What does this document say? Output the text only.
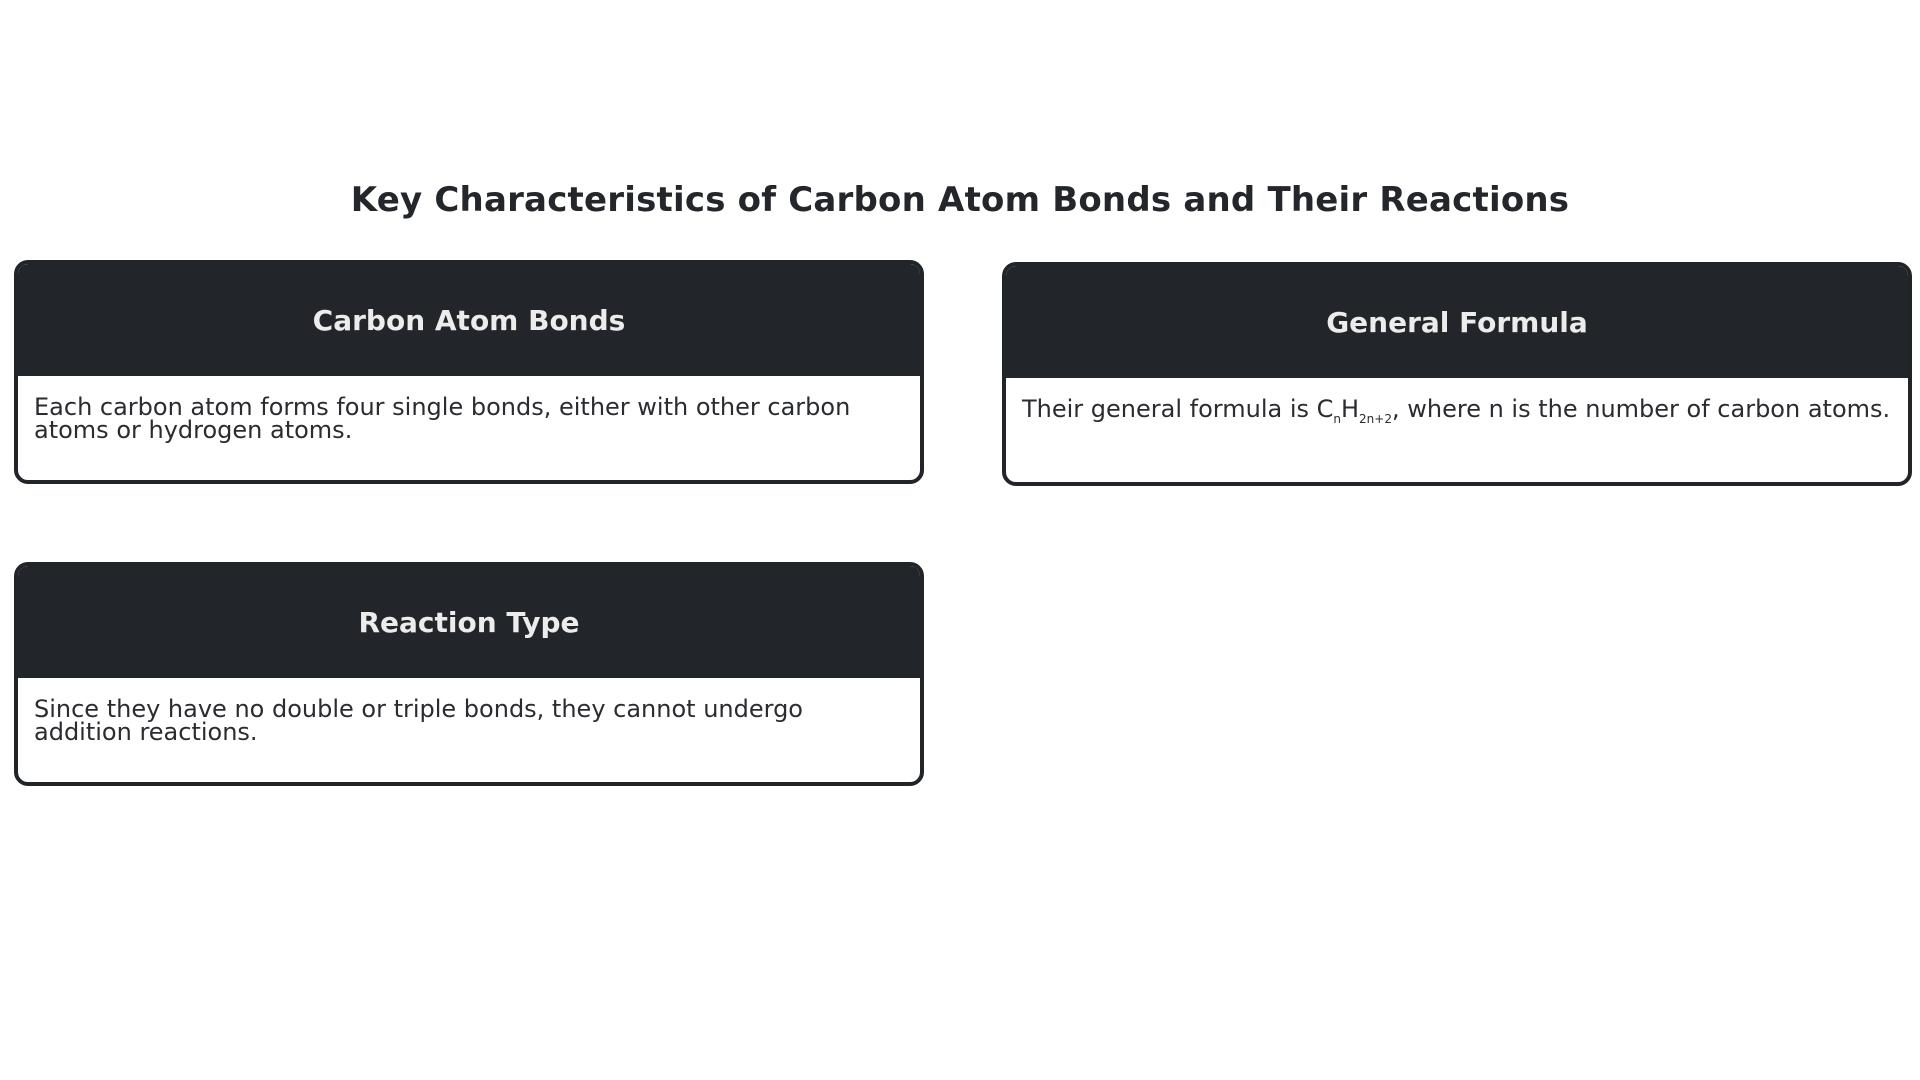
Key Characteristics of Carbon Atom Bonds and Their Reactions
Carbon Atom Bonds
Each carbon atom forms four single bonds, either with other carbon atoms or hydrogen atoms.
General Formula
Their general formula is $C_nH_{2n+2}$, where n is the number of carbon atoms.
Reaction Type
Since they have no double or triple bonds, they cannot undergo addition reactions.
